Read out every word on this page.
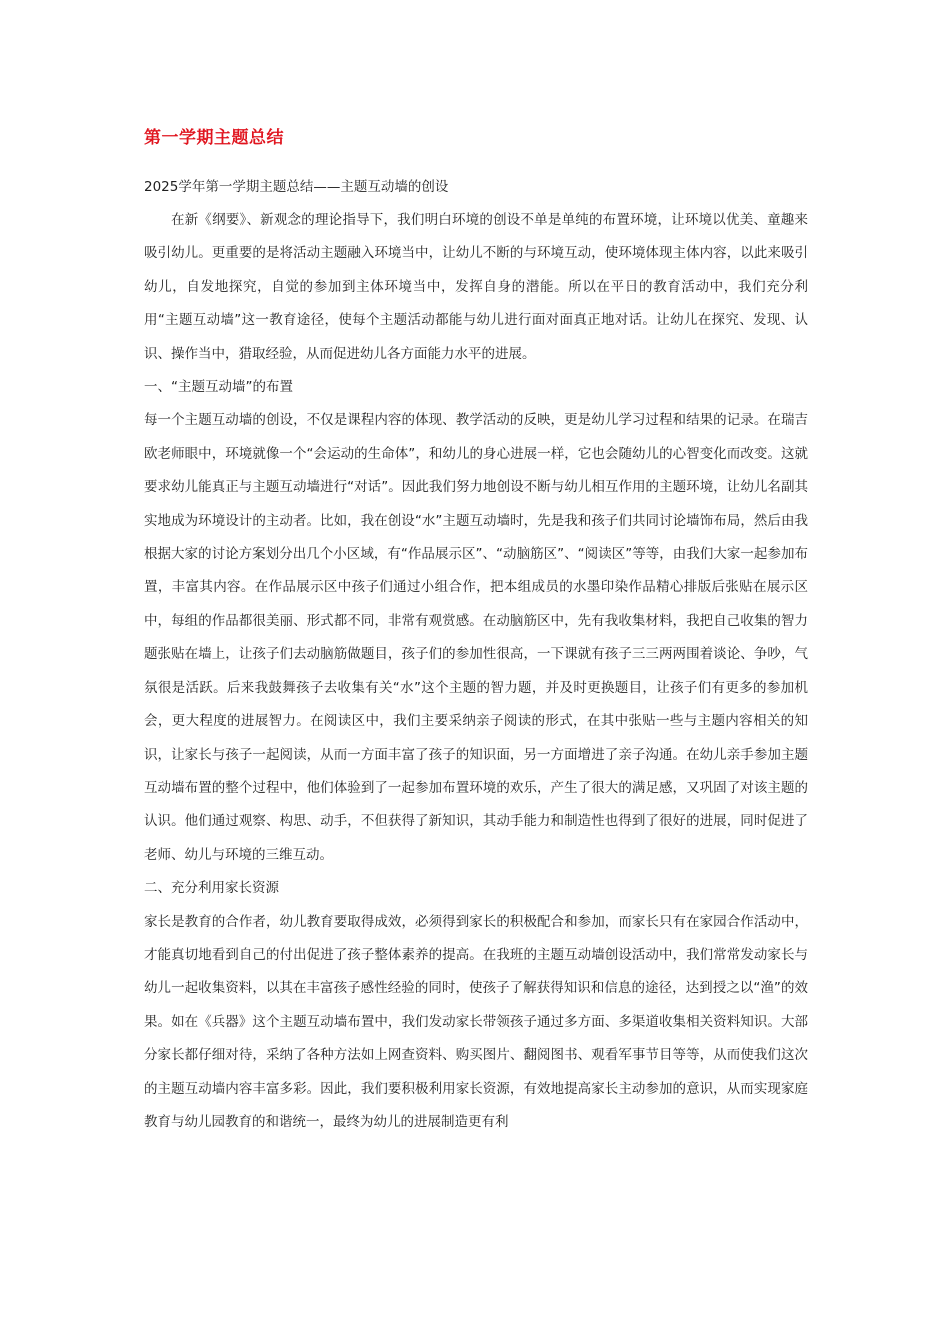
第一学期主题总结
2025学年第一学期主题总结——主题互动墙的创设

在新《纲要》、新观念的理论指导下，我们明白环境的创设不单是单纯的布置环境，让环境以优美、童趣来吸引幼儿。更重要的是将活动主题融入环境当中，让幼儿不断的与环境互动，使环境体现主体内容，以此来吸引幼儿，自发地探究，自觉的参加到主体环境当中，发挥自身的潜能。所以在平日的教育活动中，我们充分利用“主题互动墙”这一教育途径，使每个主题活动都能与幼儿进行面对面真正地对话。让幼儿在探究、发现、认识、操作当中，猎取经验，从而促进幼儿各方面能力水平的进展。

一、“主题互动墙”的布置

每一个主题互动墙的创设，不仅是课程内容的体现、教学活动的反映，更是幼儿学习过程和结果的记录。在瑞吉欧老师眼中，环境就像一个“会运动的生命体”，和幼儿的身心进展一样，它也会随幼儿的心智变化而改变。这就要求幼儿能真正与主题互动墙进行“对话”。因此我们努力地创设不断与幼儿相互作用的主题环境，让幼儿名副其实地成为环境设计的主动者。比如，我在创设“水”主题互动墙时，先是我和孩子们共同讨论墙饰布局，然后由我根据大家的讨论方案划分出几个小区域，有“作品展示区”、“动脑筋区”、“阅读区”等等，由我们大家一起参加布置，丰富其内容。在作品展示区中孩子们通过小组合作，把本组成员的水墨印染作品精心排版后张贴在展示区中，每组的作品都很美丽、形式都不同，非常有观赏感。在动脑筋区中，先有我收集材料，我把自己收集的智力题张贴在墙上，让孩子们去动脑筋做题目，孩子们的参加性很高，一下课就有孩子三三两两围着谈论、争吵，气氛很是活跃。后来我鼓舞孩子去收集有关“水”这个主题的智力题，并及时更换题目，让孩子们有更多的参加机会，更大程度的进展智力。在阅读区中，我们主要采纳亲子阅读的形式，在其中张贴一些与主题内容相关的知识，让家长与孩子一起阅读，从而一方面丰富了孩子的知识面，另一方面增进了亲子沟通。在幼儿亲手参加主题互动墙布置的整个过程中，他们体验到了一起参加布置环境的欢乐，产生了很大的满足感，又巩固了对该主题的认识。他们通过观察、构思、动手，不但获得了新知识，其动手能力和制造性也得到了很好的进展，同时促进了老师、幼儿与环境的三维互动。

二、充分利用家长资源

家长是教育的合作者，幼儿教育要取得成效，必须得到家长的积极配合和参加，而家长只有在家园合作活动中，才能真切地看到自己的付出促进了孩子整体素养的提高。在我班的主题互动墙创设活动中，我们常常发动家长与幼儿一起收集资料，以其在丰富孩子感性经验的同时，使孩子了解获得知识和信息的途径，达到授之以“渔”的效果。如在《兵器》这个主题互动墙布置中，我们发动家长带领孩子通过多方面、多渠道收集相关资料知识。大部分家长都仔细对待，采纳了各种方法如上网查资料、购买图片、翻阅图书、观看军事节目等等，从而使我们这次的主题互动墙内容丰富多彩。因此，我们要积极利用家长资源，有效地提高家长主动参加的意识，从而实现家庭教育与幼儿园教育的和谐统一，最终为幼儿的进展制造更有利
